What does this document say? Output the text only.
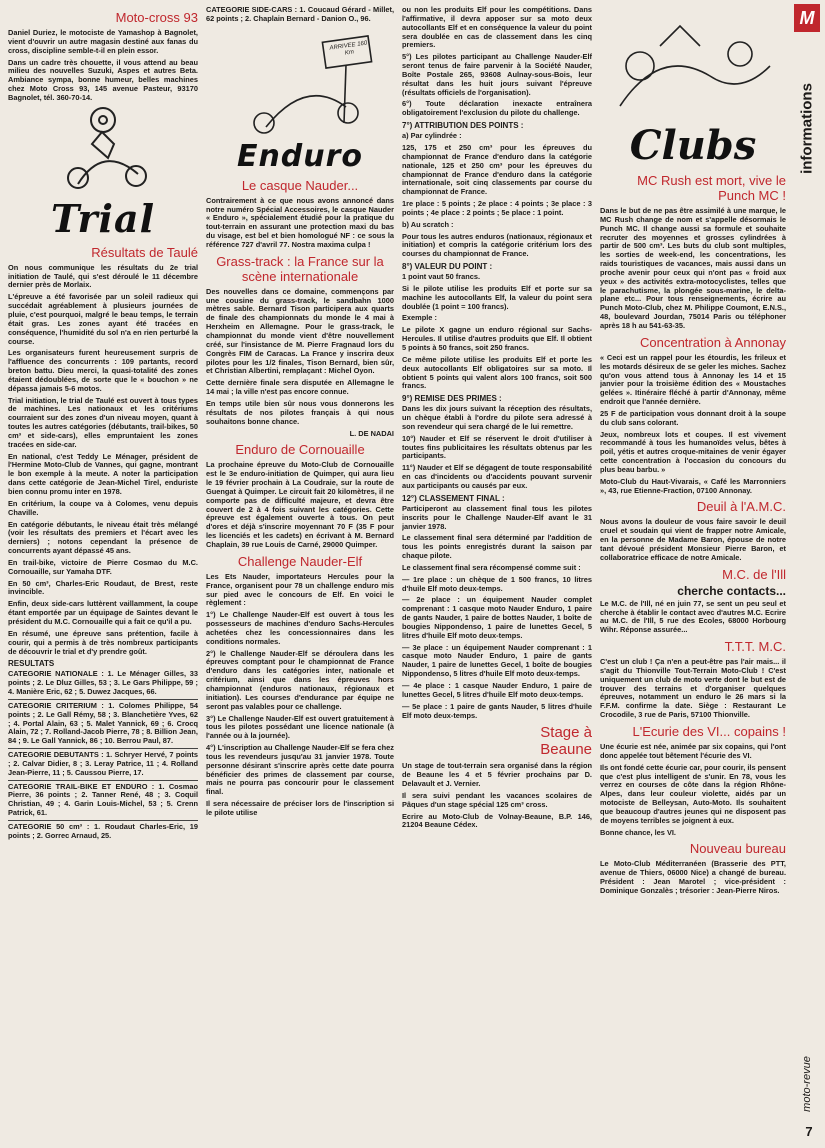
Moto-cross 93

Daniel Duriez, le motociste de Yamashop à Bagnolet, vient d'ouvrir un autre magasin destiné aux fanas du cross, discipline semble-t-il en plein essor.

Dans un cadre très chouette, il vous attend au beau milieu des nouvelles Suzuki, Aspes et autres Beta. Ambiance sympa, bonne humeur, belles machines chez Moto Cross 93, 145 avenue Pasteur, 93170 Bagnolet, tél. 360-70-14.

Trial
Résultats de Taulé

On nous communique les résultats du 2e trial initiation de Taulé, qui s'est déroulé le 11 décembre dernier près de Morlaix.

L'épreuve a été favorisée par un soleil radieux qui succédait agréablement à plusieurs journées de pluie, c'est pourquoi, malgré le beau temps, le terrain était gras. Les zones ayant été tracées en conséquence, l'humidité du sol n'a en rien perturbé la course.

Les organisateurs furent heureusement surpris de l'affluence des concurrents : 109 partants, record breton battu. Dieu merci, la quasi-totalité des zones étaient dédoublées, de sorte que le « bouchon » ne dépassa jamais 5-6 motos.

Trial initiation, le trial de Taulé est ouvert à tous types de machines. Les nationaux et les critériums courraient sur des zones d'un niveau moyen, quant à toutes les autres catégories (débutants, trail-bikes, 50 cm³ et side-cars), elles empruntaient les zones tracées en side-car.

En national, c'est Teddy Le Ménager, président de l'Hermine Moto-Club de Vannes, qui gagne, montrant le bon exemple à la meute. A noter la participation dans cette catégorie de Jean-Michel Tirel, enduriste bien connu promu inter en 1978.

En critérium, la coupe va à Colomes, venu depuis Chaville.

En catégorie débutants, le niveau était très mélangé (voir les résultats des premiers et l'écart avec les derniers) ; notons cependant la présence de concurrents ayant dépassé 45 ans.

En trail-bike, victoire de Pierre Cosmao du M.C. Cornouaille, sur Yamaha DTF.

En 50 cm³, Charles-Eric Roudaut, de Brest, reste invincible.

Enfin, deux side-cars luttèrent vaillamment, la coupe étant emportée par un équipage de Saintes devant le président du M.C. Cornouaille qui a fait ce qu'il a pu.

En résumé, une épreuve sans prétention, facile à courir, qui a permis à de très nombreux participants de découvrir le trial et d'y prendre goût.

RESULTATS

CATEGORIE NATIONALE : 1. Le Ménager Gilles, 33 points ; 2. Le Dluz Gilles, 53 ; 3. Le Gars Philippe, 59 ; 4. Manière Eric, 62 ; 5. Duwez Jacques, 66.

CATEGORIE CRITERIUM : 1. Colomes Philippe, 54 points ; 2. Le Gall Rémy, 58 ; 3. Blanchetière Yves, 62 ; 4. Portal Alain, 63 ; 5. Malet Yannick, 69 ; 6. Crocq Alain, 72 ; 7. Rolland-Jacob Pierre, 78 ; 8. Billion Jean, 84 ; 9. Le Gall Yannick, 86 ; 10. Berrou Paul, 87.

CATEGORIE DEBUTANTS : 1. Schryer Hervé, 7 points ; 2. Calvar Didier, 8 ; 3. Leray Patrice, 11 ; 4. Rolland Jean-Pierre, 11 ; 5. Caussou Pierre, 17.

CATEGORIE TRAIL-BIKE ET ENDURO : 1. Cosmao Pierre, 36 points ; 2. Tanner René, 48 ; 3. Coquil Christian, 49 ; 4. Garin Louis-Michel, 53 ; 5. Crenn Patrick, 61.

CATEGORIE 50 cm³ : 1. Roudaut Charles-Eric, 19 points ; 2. Gorrec Arnaud, 25.

CATEGORIE SIDE-CARS : 1. Coucaud Gérard - Millet, 62 points ; 2. Chaplain Bernard - Danion O., 96.

ARRIVEE 160 Km
Enduro
Le casque Nauder...

Contrairement à ce que nous avons annoncé dans notre numéro Spécial Accessoires, le casque Nauder « Enduro », spécialement étudié pour la pratique du tout-terrain en assurant une protection maxi du bas du visage, est bel et bien homologué NF : ce sous la référence 727 d'avril 77. Nostra maxima culpa !

Grass-track : la France sur la scène internationale

Des nouvelles dans ce domaine, commençons par une cousine du grass-track, le sandbahn 1000 mètres sable. Bernard Tison participera aux quarts de finale des championnats du monde le 4 mai à Herxheim en Allemagne. Pour le grass-track, le championnat du monde vient d'être nouvellement créé, sur l'insistance de M. Pierre Fragnaud lors du Congrès FIM de Caracas. La France y inscrira deux pilotes pour les 1/2 finales, Tison Bernard, bien sûr, et Christian Albertini, remplaçant : Michel Oyon.

Cette dernière finale sera disputée en Allemagne le 14 mai ; la ville n'est pas encore connue.

En temps utile bien sûr nous vous donnerons les résultats de nos pilotes français à qui nous souhaitons bonne chance.

L. DE NADAI
Enduro de Cornouaille

La prochaine épreuve du Moto-Club de Cornouaille est le 3e enduro-initiation de Quimper, qui aura lieu le 19 février prochain à La Coudraie, sur la route de Guengat à Quimper. Le circuit fait 20 kilomètres, il ne comporte pas de difficulté majeure, et devra être couvert de 2 à 4 fois suivant les catégories. Cette épreuve est également ouverte à tous. On peut d'ores et déjà s'inscrire moyennant 70 F (35 F pour les licenciés et les cadets) en écrivant à M. Bernard Chaplain, 39 rue Louis de Carné, 29000 Quimper.

Challenge Nauder-Elf

Les Ets Nauder, importateurs Hercules pour la France, organisent pour 78 un challenge enduro mis sur pied avec le concours de Elf. En voici le règlement :

1°) Le Challenge Nauder-Elf est ouvert à tous les possesseurs de machines d'enduro Sachs-Hercules achetées chez les concessionnaires dans les conditions normales.

2°) le Challenge Nauder-Elf se déroulera dans les épreuves comptant pour le championnat de France d'enduro dans les catégories inter, nationale et critérium, ainsi que dans les épreuves hors championnat (enduros nationaux, régionaux et initiation). Les courses d'endurance par équipe ne seront pas valables pour ce challenge.

3°) Le Challenge Nauder-Elf est ouvert gratuitement à tous les pilotes possédant une licence nationale (à l'année ou à la journée).

4°) L'inscription au Challenge Nauder-Elf se fera chez tous les revendeurs jusqu'au 31 janvier 1978. Toute personne désirant s'inscrire après cette date pourra bénéficier des primes de classement par course, mais ne pourra pas concourir pour le classement final.

Il sera nécessaire de préciser lors de l'inscription si le pilote utilise

ou non les produits Elf pour les compétitions. Dans l'affirmative, il devra apposer sur sa moto deux autocollants Elf et en conséquence la valeur du point sera doublée en cas de classement dans les cinq premiers.

5°) Les pilotes participant au Challenge Nauder-Elf seront tenus de faire parvenir à la Société Nauder, Boîte Postale 265, 93608 Aulnay-sous-Bois, leur résultat dans les huit jours suivant l'épreuve (résultats officiels de l'organisation).

6°) Toute déclaration inexacte entraînera obligatoirement l'exclusion du pilote du challenge.

7°) ATTRIBUTION DES POINTS :

a) Par cylindrée :

125, 175 et 250 cm³ pour les épreuves du championnat de France d'enduro dans la catégorie nationale, 125 et 250 cm³ pour les épreuves du championnat de France d'enduro dans la catégorie internationale, soit cinq classements par course du championnat de France.

1re place : 5 points ; 2e place : 4 points ; 3e place : 3 points ; 4e place : 2 points ; 5e place : 1 point.

b) Au scratch :

Pour tous les autres enduros (nationaux, régionaux et initiation) et compris la catégorie critérium lors des courses du championnat de France.

8°) VALEUR DU POINT :

1 point vaut 50 francs.

Si le pilote utilise les produits Elf et porte sur sa machine les autocollants Elf, la valeur du point sera doublée (1 point = 100 francs).

Exemple :

Le pilote X gagne un enduro régional sur Sachs-Hercules. Il utilise d'autres produits que Elf. Il obtient 5 points à 50 francs, soit 250 francs.

Ce même pilote utilise les produits Elf et porte les deux autocollants Elf obligatoires sur sa moto. Il obtient 5 points qui valent alors 100 francs, soit 500 francs.

9°) REMISE DES PRIMES :

Dans les dix jours suivant la réception des résultats, un chèque établi à l'ordre du pilote sera adressé à son revendeur qui sera chargé de le lui remettre.

10°) Nauder et Elf se réservent le droit d'utiliser à toutes fins publicitaires les résultats obtenus par les participants.

11°) Nauder et Elf se dégagent de toute responsabilité en cas d'incidents ou d'accidents pouvant survenir aux participants ou causés par eux.

12°) CLASSEMENT FINAL :

Participeront au classement final tous les pilotes inscrits pour le Challenge Nauder-Elf avant le 31 janvier 1978.

Le classement final sera déterminé par l'addition de tous les points enregistrés durant la saison par chaque pilote.

Le classement final sera récompensé comme suit :

— 1re place : un chèque de 1 500 francs, 10 litres d'huile Elf moto deux-temps.

— 2e place : un équipement Nauder complet comprenant : 1 casque moto Nauder Enduro, 1 paire de gants Nauder, 1 paire de bottes Nauder, 1 boîte de bougies Nippondenso, 1 paire de lunettes Gecel, 5 litres d'huile Elf moto deux-temps.

— 3e place : un équipement Nauder comprenant : 1 casque moto Nauder Enduro, 1 paire de gants Nauder, 1 paire de lunettes Gecel, 1 boîte de bougies Nippondenso, 5 litres d'huile Elf moto deux-temps.

— 4e place : 1 casque Nauder Enduro, 1 paire de lunettes Gecel, 5 litres d'huile Elf moto deux-temps.

— 5e place : 1 paire de gants Nauder, 5 litres d'huile Elf moto deux-temps.

Stage à Beaune

Un stage de tout-terrain sera organisé dans la région de Beaune les 4 et 5 février prochains par D. Delavault et J. Vernier.

Il sera suivi pendant les vacances scolaires de Pâques d'un stage spécial 125 cm³ cross.

Ecrire au Moto-Club de Volnay-Beaune, B.P. 146, 21204 Beaune Cédex.

Clubs
MC Rush est mort, vive le Punch MC !

Dans le but de ne pas être assimilé à une marque, le MC Rush change de nom et s'appelle désormais le Punch MC. Il change aussi sa formule et souhaite recruter des moyennes et grosses cylindrées à partir de 500 cm³. Les buts du club sont multiples, les sorties de week-end, les concentrations, les raids touristiques de vacances, mais aussi dans un proche avenir pour ceux qui n'ont pas « froid aux yeux » des activités extra-motocyclistes, telles que le parachutisme, la plongée sous-marine, le delta-plane etc... Pour tous renseignements, écrire au Punch Moto-Club, chez M. Philippe Coumont, E.N.S., 48, boulevard Jourdan, 75014 Paris ou téléphoner après 18 h au 541-63-35.

Concentration à Annonay

« Ceci est un rappel pour les étourdis, les frileux et les motards désireux de se geler les miches. Sachez qu'on vous attend tous à Annonay les 14 et 15 janvier pour la troisième édition des « Moustaches gelées ». Itinéraire fléché à partir d'Annonay, même endroit que l'année dernière.

25 F de participation vous donnant droit à la soupe du club sans colorant.

Jeux, nombreux lots et coupes. Il est vivement recommandé à tous les humanoïdes velus, bêtes à poil, yétis et autres croque-mitaines de venir égayer cette concentration à l'occasion du concours du plus beau barbu. »

Moto-Club du Haut-Vivarais, « Café les Marronniers », 43, rue Etienne-Fraction, 07100 Annonay.

Deuil à l'A.M.C.

Nous avons la douleur de vous faire savoir le deuil cruel et soudain qui vient de frapper notre Amicale, en la personne de Madame Baron, épouse de notre tant dévoué président Monsieur Pierre Baron, et collaboratrice efficace de notre Amicale.

M.C. de l'Ill
cherche contacts...

Le M.C. de l'Ill, né en juin 77, se sent un peu seul et cherche à établir le contact avec d'autres M.C. Ecrire au M.C. de l'Ill, 5 rue des Ecoles, 68000 Horbourg Wihr. Réponse assurée...

T.T.T. M.C.

C'est un club ! Ça n'en a peut-être pas l'air mais... il s'agit du Thionville Tout-Terrain Moto-Club ! C'est uniquement un club de moto verte dont le but est de trouver des terrains et d'organiser quelques épreuves, notamment un enduro le 26 mars si la F.F.M. confirme la date. Siège : Restaurant Le Crocodile, 3 rue de Paris, 57100 Thionville.

L'Ecurie des VI... copains !

Une écurie est née, animée par six copains, qui l'ont donc appelée tout bêtement l'écurie des VI.

Ils ont fondé cette écurie car, pour courir, ils pensent que c'est plus intelligent de s'unir. En 78, vous les verrez en courses de côte dans la région Rhône-Alpes, dans leur couleur violette, aidés par un motociste de Belleysan, Auto-Moto. Ils souhaitent que beaucoup d'autres jeunes qui ne disposent pas de moyens terribles se joignent à eux.

Bonne chance, les VI.

Nouveau bureau

Le Moto-Club Méditerranéen (Brasserie des PTT, avenue de Thiers, 06000 Nice) a changé de bureau. Président : Jean Marotel ; vice-président : Dominique Gonzalès ; trésorier : Jean-Pierre Niros.

M
informations
moto-revue
7
